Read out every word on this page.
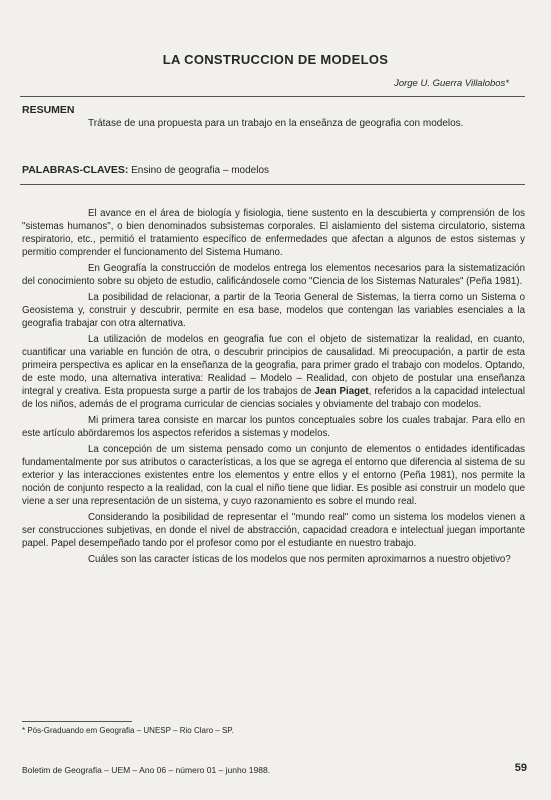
LA CONSTRUCCION DE MODELOS
Jorge U. Guerra Villalobos*
RESUMEN

Trátase de una propuesta para un trabajo en la enseãnza de geografia con modelos.

PALABRAS-CLAVES: Ensino de geografia – modelos

El avance en el área de biología y fisiologia, tiene sustento en la descubierta y comprensión de los "sistemas humanos", o bien denominados subsistemas corporales. El aislamiento del sistema circulatorio, sistema respiratorio, etc., permitió el tratamiento específico de enfermedades que afectan a algunos de estos sistemas y permitio comprender el funcionamento del Sistema Humano.

En Geografía la construcción de modelos entrega los elementos necesarios para la sistematización del conocimiento sobre su objeto de estudio, calificándosele como "Ciencia de los Sistemas Naturales" (Peña 1981).

La posibilidad de relacionar, a partir de la Teoria General de Sistemas, la tierra como un Sistema o Geosistema y, construir y descubrir, permite en esa base, modelos que contengan las variables esenciales a la geografia trabajar con otra alternativa.

La utilización de modelos en geografia fue con el objeto de sistematizar la realidad, en cuanto, cuantificar una variable en función de otra, o descubrir principios de causalidad. Mi preocupación, a partir de esta primeira perspectiva es aplicar en la enseñanza de la geografia, para primer grado el trabajo con modelos. Optando, de este modo, una alternativa interativa: Realidad – Modelo – Realidad, con objeto de postular una enseñanza integral y creativa. Esta propuesta surge a partir de los trabajos de Jean Piaget, referidos a la capacidad intelectual de los niños, además de el programa curricular de ciencias sociales y obviamente del trabajo con modelos.

Mi primera tarea consiste en marcar los puntos conceptuales sobre los cuales trabajar. Para ello en este artículo abördaremos los aspectos referidos a sistemas y modelos.

La concepción de um sistema pensado como un conjunto de elementos o entidades identificadas fundamentalmente por sus atributos o características, a los que se agrega el entorno que diferencia al sistema de su exterior y las interacciones existentes entre los elementos y entre ellos y el entorno (Peña 1981), nos permite la noción de conjunto respecto a la realidad, con la cual el niño tiene que lidiar. Es posible asi construir un modelo que viene a ser una representación de un sistema, y cuyo razonamiento es sobre el mundo real.

Considerando la posibilidad de representar el "mundo real" como un sistema los modelos vienen a ser construcciones subjetivas, en donde el nivel de abstracción, capacidad creadora e intelectual juegan importante papel. Papel desempeñado tando por el profesor como por el estudiante en nuestro trabajo.

Cuáles son las caracter ísticas de los modelos que nos permiten aproximarnos a nuestro objetivo?

* Pós-Graduando em Geografia – UNESP – Rio Claro – SP.
Boletim de Geografia – UEM – Ano 06 – número 01 – junho 1988.	59
